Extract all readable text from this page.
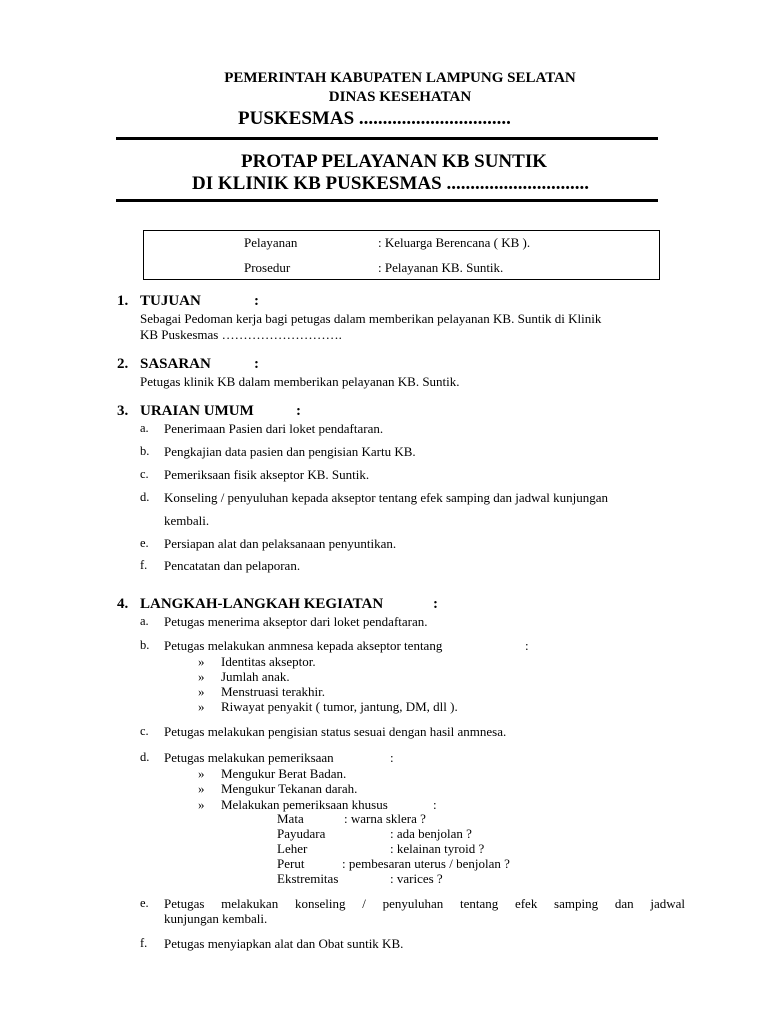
PEMERINTAH KABUPATEN LAMPUNG SELATAN
DINAS KESEHATAN
PUSKESMAS ................................
PROTAP PELAYANAN KB SUNTIK
DI KLINIK KB PUSKESMAS ..............................
Pelayanan	: Keluarga Berencana ( KB ).
Prosedur	: Pelayanan KB. Suntik.
1. TUJUAN	:
Sebagai Pedoman kerja bagi petugas dalam memberikan pelayanan KB. Suntik di Klinik
KB Puskesmas ……………………….
2. SASARAN	:
Petugas klinik KB dalam memberikan pelayanan KB. Suntik.
3. URAIAN UMUM	:
a. Penerimaan Pasien dari loket pendaftaran.
b. Pengkajian data pasien dan pengisian Kartu KB.
c. Pemeriksaan fisik akseptor KB. Suntik.
d. Konseling / penyuluhan kepada akseptor tentang efek samping dan jadwal kunjungan
kembali.
e. Persiapan alat dan pelaksanaan penyuntikan.
f. Pencatatan dan pelaporan.
4. LANGKAH-LANGKAH KEGIATAN	:
a. Petugas menerima akseptor dari loket pendaftaran.
b. Petugas melakukan anmnesa kepada akseptor tentang	:
» Identitas akseptor.
» Jumlah anak.
» Menstruasi terakhir.
» Riwayat penyakit ( tumor, jantung, DM, dll ).
c. Petugas melakukan pengisian status sesuai dengan hasil anmnesa.
d. Petugas melakukan pemeriksaan	:
» Mengukur Berat Badan.
» Mengukur Tekanan darah.
» Melakukan pemeriksaan khusus	:
Mata	: warna sklera ?
Payudara	: ada benjolan ?
Leher	: kelainan tyroid ?
Perut	: pembesaran uterus / benjolan ?
Ekstremitas	: varices ?
e. Petugas melakukan konseling / penyuluhan tentang efek samping dan jadwal
kunjungan kembali.
f. Petugas menyiapkan alat dan Obat suntik KB.
